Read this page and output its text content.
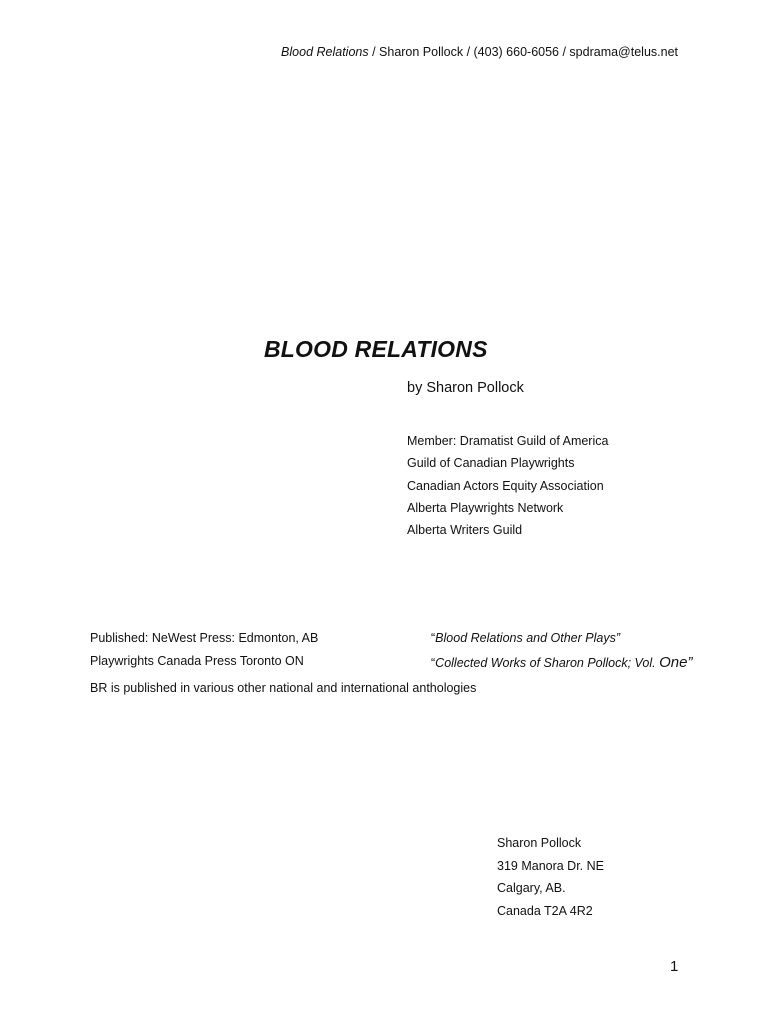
Blood Relations / Sharon Pollock / (403) 660-6056 / spdrama@telus.net
BLOOD RELATIONS
by Sharon Pollock
Member: Dramatist Guild of America
Guild of Canadian Playwrights
Canadian Actors Equity Association
Alberta Playwrights Network
Alberta Writers Guild
Published: NeWest Press: Edmonton, AB	“Blood Relations and Other Plays”
Playwrights Canada Press Toronto ON	“Collected Works of Sharon Pollock; Vol. One”
BR is published in various other national and international anthologies
Sharon Pollock
319 Manora Dr. NE
Calgary, AB.
Canada T2A 4R2
1
